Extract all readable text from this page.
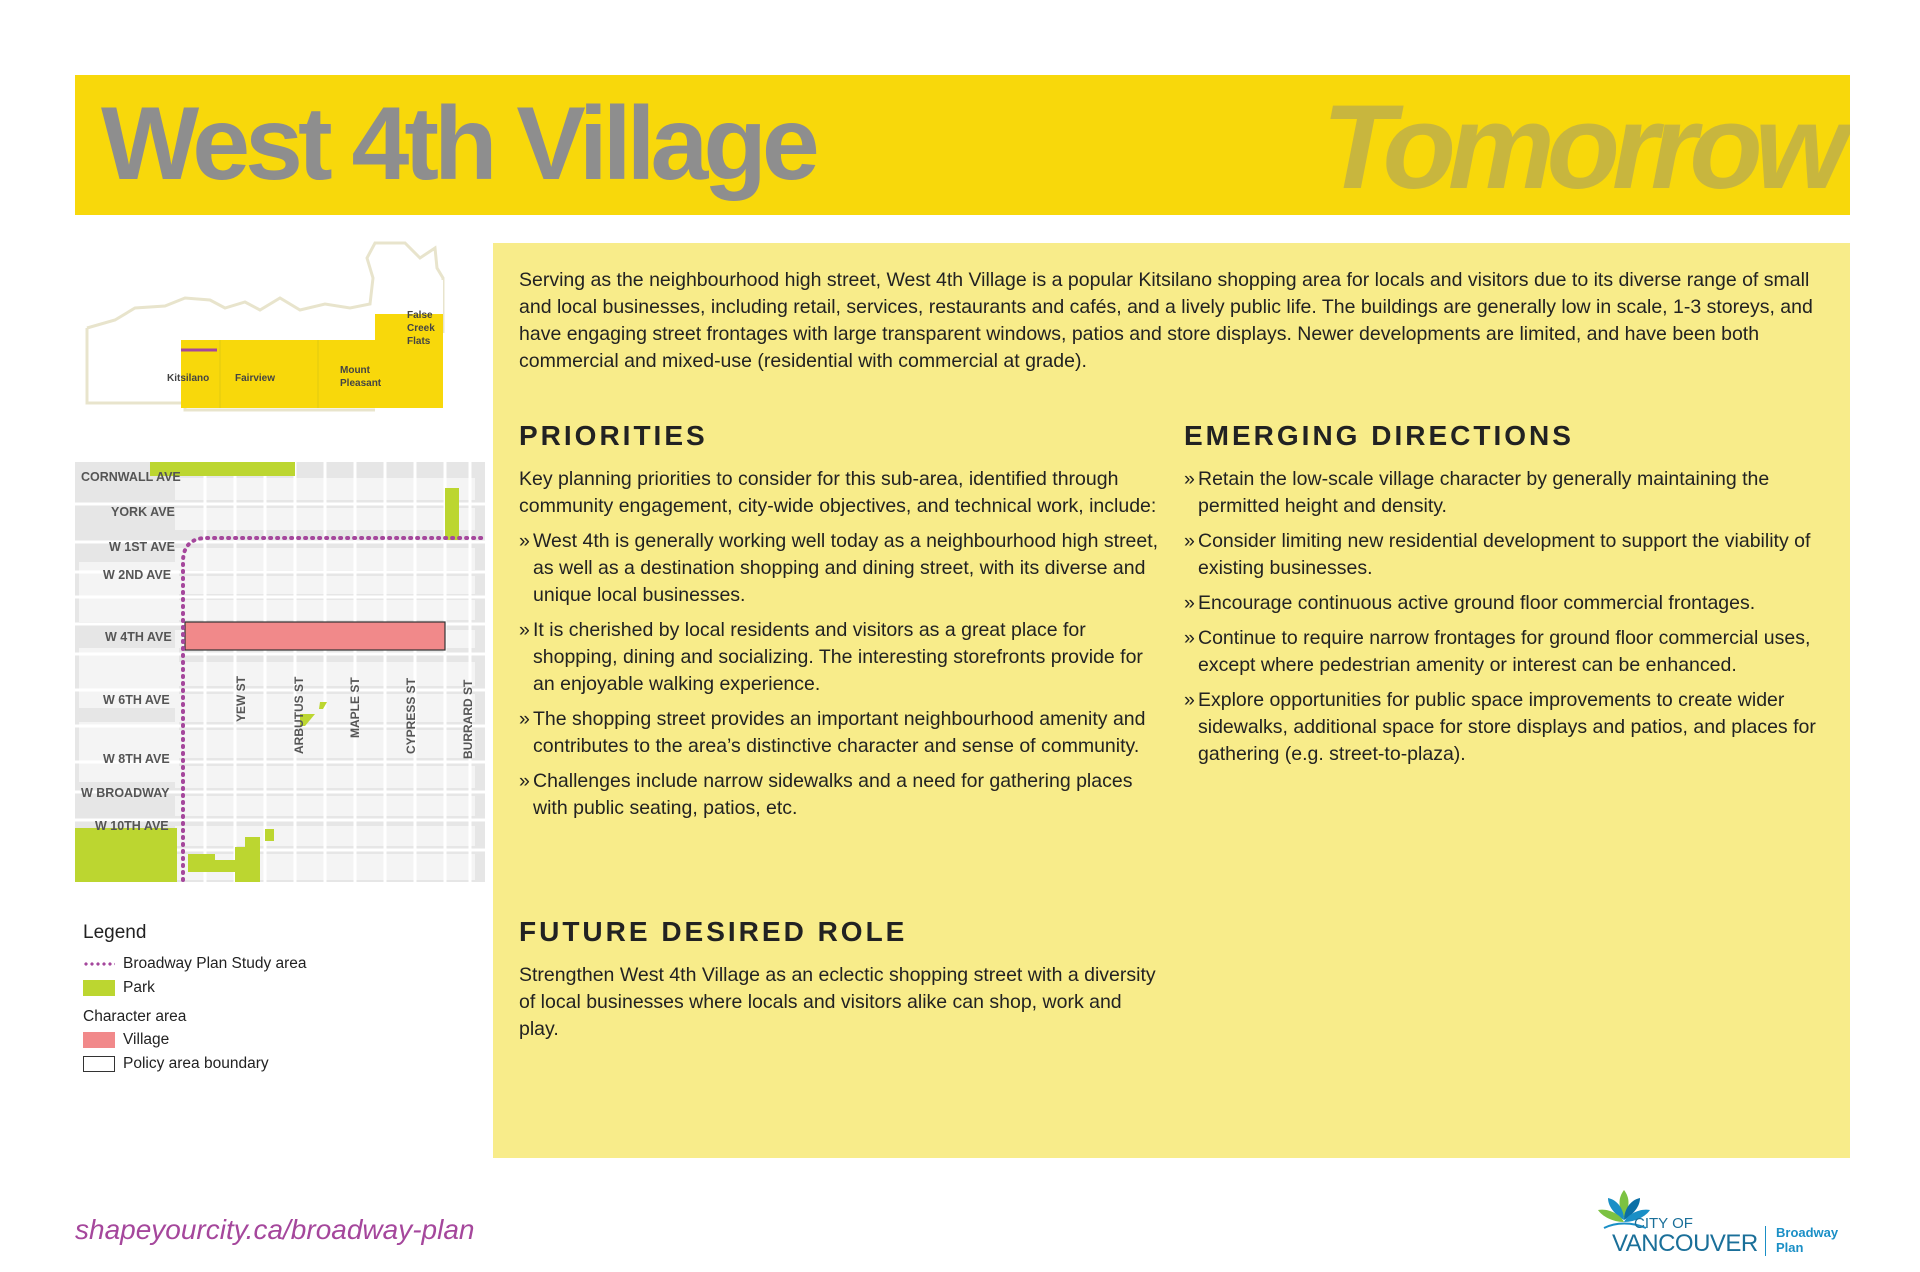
West 4th Village	Tomorrow
False
Creek
Flats
Kitsilano	Fairview
Mount
Pleasant
CORNWALL AVE
YORK AVE
W 1ST AVE
W 2ND AVE
W 4TH AVE
W 6TH AVE
W 8TH AVE
W BROADWAY
W 10TH AVE
YEW ST	ARBUTUS ST	MAPLE ST	CYPRESS ST	BURRARD ST
Legend
Broadway Plan Study area
Park
Character area
Village
Policy area boundary

Serving as the neighbourhood high street, West 4th Village is a popular Kitsilano shopping area for locals and visitors due to its diverse range of small and local businesses, including retail, services, restaurants and cafés, and a lively public life. The buildings are generally low in scale, 1-3 storeys, and have engaging street frontages with large transparent windows, patios and store displays. Newer developments are limited, and have been both commercial and mixed-use (residential with commercial at grade).

PRIORITIES

Key planning priorities to consider for this sub-area, identified through community engagement, city-wide objectives, and technical work, include:

» West 4th is generally working well today as a neighbourhood high street, as well as a destination shopping and dining street, with its diverse and unique local businesses.
» It is cherished by local residents and visitors as a great place for shopping, dining and socializing. The interesting storefronts provide for an enjoyable walking experience.
» The shopping street provides an important neighbourhood amenity and contributes to the area’s distinctive character and sense of community.
» Challenges include narrow sidewalks and a need for gathering places with public seating, patios, etc.
FUTURE DESIRED ROLE

Strengthen West 4th Village as an eclectic shopping street with a diversity of local businesses where locals and visitors alike can shop, work and play.

EMERGING DIRECTIONS
» Retain the low-scale village character by generally maintaining the permitted height and density.
» Consider limiting new residential development to support the viability of existing businesses.
» Encourage continuous active ground floor commercial frontages.
» Continue to require narrow frontages for ground floor commercial uses, except where pedestrian amenity or interest can be enhanced.
» Explore opportunities for public space improvements to create wider sidewalks, additional space for store displays and patios, and places for gathering (e.g. street-to-plaza).
shapeyourcity.ca/broadway-plan	CITY OF
VANCOUVER Broadway
Plan
